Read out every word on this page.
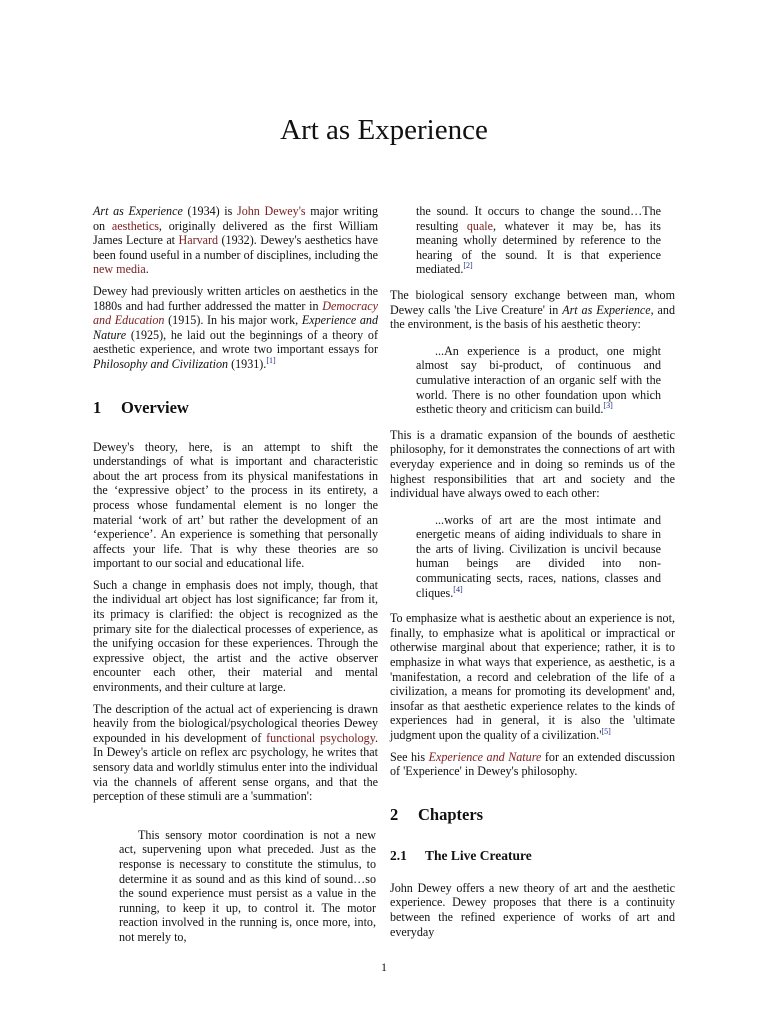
Art as Experience

Art as Experience (1934) is John Dewey's major writing on aesthetics, originally delivered as the first William James Lecture at Harvard (1932). Dewey's aesthetics have been found useful in a number of disciplines, including the new media.

Dewey had previously written articles on aesthetics in the 1880s and had further addressed the matter in Democracy and Education (1915). In his major work, Experience and Nature (1925), he laid out the beginnings of a theory of aesthetic experience, and wrote two important essays for Philosophy and Civilization (1931).[1]

1 Overview

Dewey's theory, here, is an attempt to shift the understandings of what is important and characteristic about the art process from its physical manifestations in the ‘expressive object’ to the process in its entirety, a process whose fundamental element is no longer the material ‘work of art’ but rather the development of an ‘experience’. An experience is something that personally affects your life. That is why these theories are so important to our social and educational life.

Such a change in emphasis does not imply, though, that the individual art object has lost significance; far from it, its primacy is clarified: the object is recognized as the primary site for the dialectical processes of experience, as the unifying occasion for these experiences. Through the expressive object, the artist and the active observer encounter each other, their material and mental environments, and their culture at large.

The description of the actual act of experiencing is drawn heavily from the biological/psychological theories Dewey expounded in his development of functional psychology. In Dewey's article on reflex arc psychology, he writes that sensory data and worldly stimulus enter into the individual via the channels of afferent sense organs, and that the perception of these stimuli are a 'summation':

This sensory motor coordination is not a new act, supervening upon what preceded. Just as the response is necessary to constitute the stimulus, to determine it as sound and as this kind of sound…so the sound experience must persist as a value in the running, to keep it up, to control it. The motor reaction involved in the running is, once more, into, not merely to,

the sound. It occurs to change the sound…The resulting quale, whatever it may be, has its meaning wholly determined by reference to the hearing of the sound. It is that experience mediated.[2]

The biological sensory exchange between man, whom Dewey calls 'the Live Creature' in Art as Experience, and the environment, is the basis of his aesthetic theory:

...An experience is a product, one might almost say bi-product, of continuous and cumulative interaction of an organic self with the world. There is no other foundation upon which esthetic theory and criticism can build.[3]

This is a dramatic expansion of the bounds of aesthetic philosophy, for it demonstrates the connections of art with everyday experience and in doing so reminds us of the highest responsibilities that art and society and the individual have always owed to each other:

...works of art are the most intimate and energetic means of aiding individuals to share in the arts of living. Civilization is uncivil because human beings are divided into non-communicating sects, races, nations, classes and cliques.[4]

To emphasize what is aesthetic about an experience is not, finally, to emphasize what is apolitical or impractical or otherwise marginal about that experience; rather, it is to emphasize in what ways that experience, as aesthetic, is a 'manifestation, a record and celebration of the life of a civilization, a means for promoting its development' and, insofar as that aesthetic experience relates to the kinds of experiences had in general, it is also the 'ultimate judgment upon the quality of a civilization.'[5]

See his Experience and Nature for an extended discussion of 'Experience' in Dewey's philosophy.

2 Chapters
2.1 The Live Creature

John Dewey offers a new theory of art and the aesthetic experience. Dewey proposes that there is a continuity between the refined experience of works of art and everyday

1
